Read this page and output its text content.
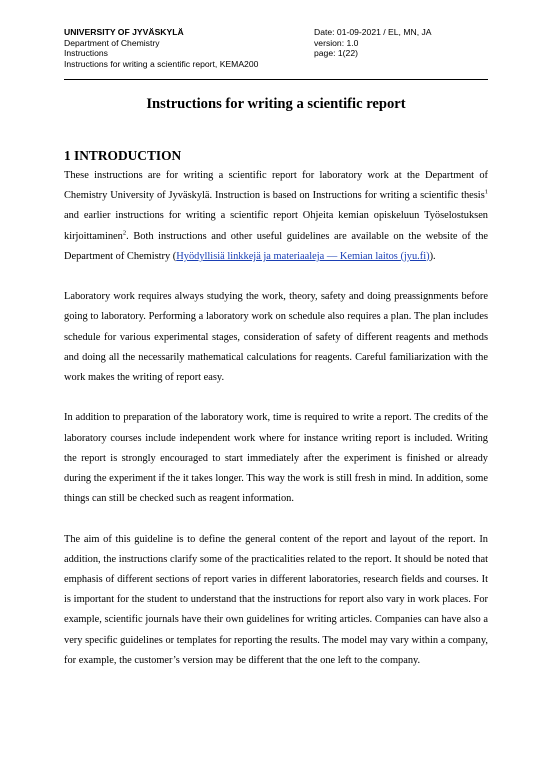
UNIVERSITY OF JYVÄSKYLÄ	Date: 01-09-2021 / EL, MN, JA
Department of Chemistry	version: 1.0
Instructions	page: 1(22)
Instructions for writing a scientific report, KEMA200
Instructions for writing a scientific report
1 INTRODUCTION

These instructions are for writing a scientific report for laboratory work at the Department of Chemistry University of Jyväskylä. Instruction is based on Instructions for writing a scientific thesis$^1$ and earlier instructions for writing a scientific report Ohjeita kemian opiskeluun Työselostuksen kirjoittaminen$^2$. Both instructions and other useful guidelines are available on the website of the Department of Chemistry (Hyödyllisiä linkkejä ja materiaaleja — Kemian laitos (jyu.fi)).

Laboratory work requires always studying the work, theory, safety and doing preassignments before going to laboratory. Performing a laboratory work on schedule also requires a plan. The plan includes schedule for various experimental stages, consideration of safety of different reagents and methods and doing all the necessarily mathematical calculations for reagents. Careful familiarization with the work makes the writing of report easy.

In addition to preparation of the laboratory work, time is required to write a report. The credits of the laboratory courses include independent work where for instance writing report is included. Writing the report is strongly encouraged to start immediately after the experiment is finished or already during the experiment if the it takes longer. This way the work is still fresh in mind. In addition, some things can still be checked such as reagent information.

The aim of this guideline is to define the general content of the report and layout of the report. In addition, the instructions clarify some of the practicalities related to the report. It should be noted that emphasis of different sections of report varies in different laboratories, research fields and courses. It is important for the student to understand that the instructions for report also vary in work places. For example, scientific journals have their own guidelines for writing articles. Companies can have also a very specific guidelines or templates for reporting the results. The model may vary within a company, for example, the customer’s version may be different that the one left to the company.
